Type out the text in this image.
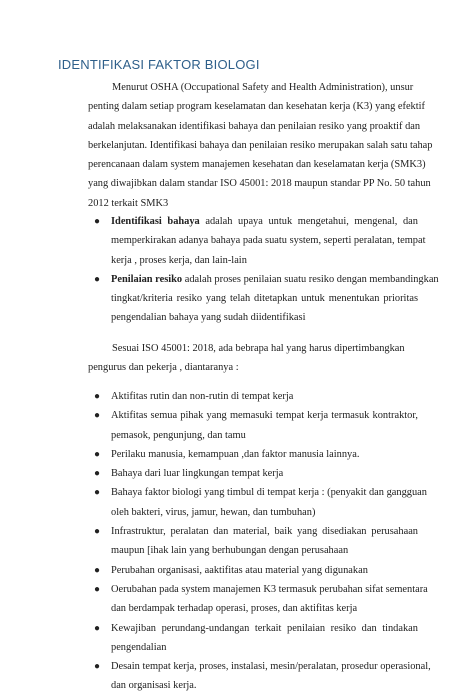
IDENTIFIKASI FAKTOR BIOLOGI
Menurut OSHA (Occupational Safety and Health Administration), unsur
penting dalam setiap program keselamatan dan kesehatan kerja (K3) yang efektif
adalah melaksanakan identifikasi bahaya dan penilaian resiko yang proaktif dan
berkelanjutan. Identifikasi bahaya dan penilaian resiko merupakan salah satu tahap
perencanaan dalam system manajemen kesehatan dan keselamatan kerja (SMK3)
yang diwajibkan dalam standar ISO 45001: 2018 maupun standar PP No. 50 tahun
2012 terkait SMK3
● Identifikasi bahaya adalah upaya untuk mengetahui, mengenal, dan
memperkirakan adanya bahaya pada suatu system, seperti peralatan, tempat
kerja , proses kerja, dan lain-lain
● Penilaian resiko adalah proses penilaian suatu resiko dengan membandingkan
tingkat/kriteria resiko yang telah ditetapkan untuk menentukan prioritas
pengendalian bahaya yang sudah diidentifikasi
Sesuai ISO 45001: 2018, ada bebrapa hal yang harus dipertimbangkan
pengurus dan pekerja , diantaranya :
● Aktifitas rutin dan non-rutin di tempat kerja
● Aktifitas semua pihak yang memasuki tempat kerja termasuk kontraktor,
pemasok, pengunjung, dan tamu
● Perilaku manusia, kemampuan ,dan faktor manusia lainnya.
● Bahaya dari luar lingkungan tempat kerja
● Bahaya faktor biologi yang timbul di tempat kerja : (penyakit dan gangguan
oleh bakteri, virus, jamur, hewan, dan tumbuhan)
● Infrastruktur, peralatan dan material, baik yang disediakan perusahaan
maupun [ihak lain yang berhubungan dengan perusahaan
● Perubahan organisasi, aaktifitas atau material yang digunakan
● Oerubahan pada system manajemen K3 termasuk perubahan sifat sementara
dan berdampak terhadap operasi, proses, dan aktifitas kerja
● Kewajiban perundang-undangan terkait penilaian resiko dan tindakan
pengendalian
● Desain tempat kerja, proses, instalasi, mesin/peralatan, prosedur operasional,
dan organisasi kerja.
